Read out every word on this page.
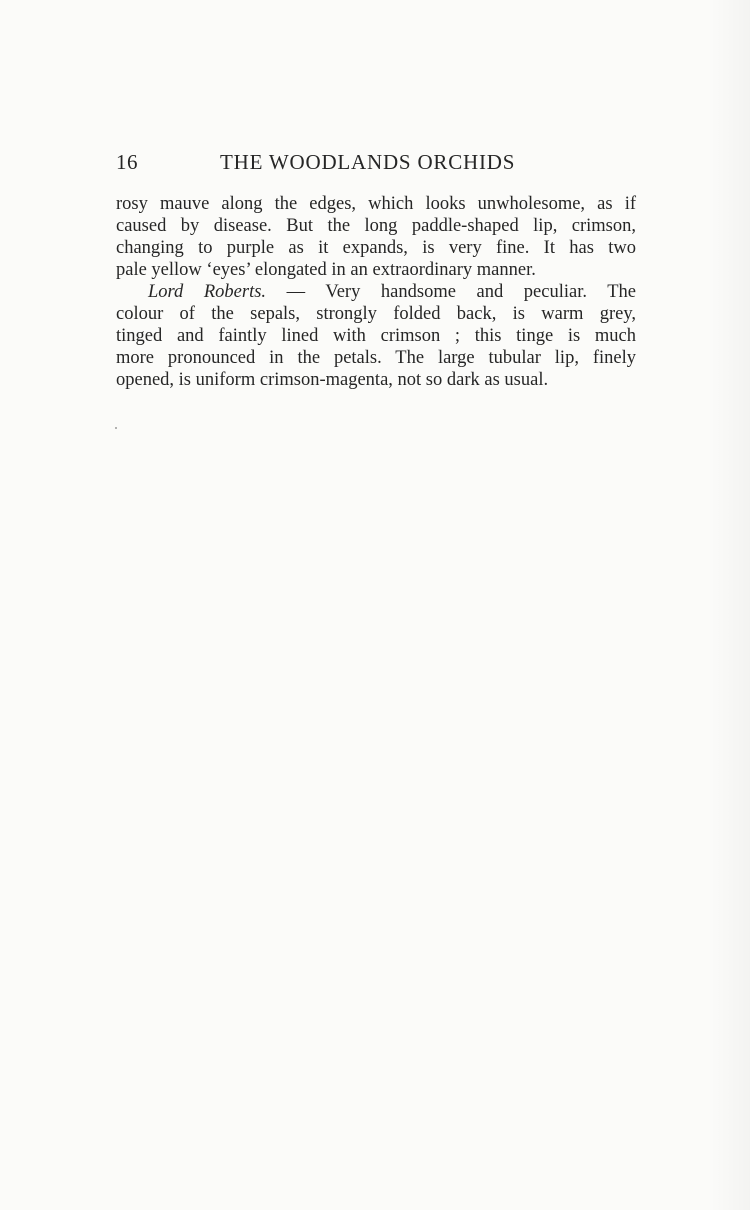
16	THE WOODLANDS ORCHIDS
rosy mauve along the edges, which looks unwholesome, as if
caused by disease. But the long paddle-shaped lip, crimson,
changing to purple as it expands, is very fine. It has two
pale yellow ‘eyes’ elongated in an extraordinary manner.
Lord Roberts. — Very handsome and peculiar. The
colour of the sepals, strongly folded back, is warm grey,
tinged and faintly lined with crimson ; this tinge is much
more pronounced in the petals. The large tubular lip, finely
opened, is uniform crimson-magenta, not so dark as usual.
